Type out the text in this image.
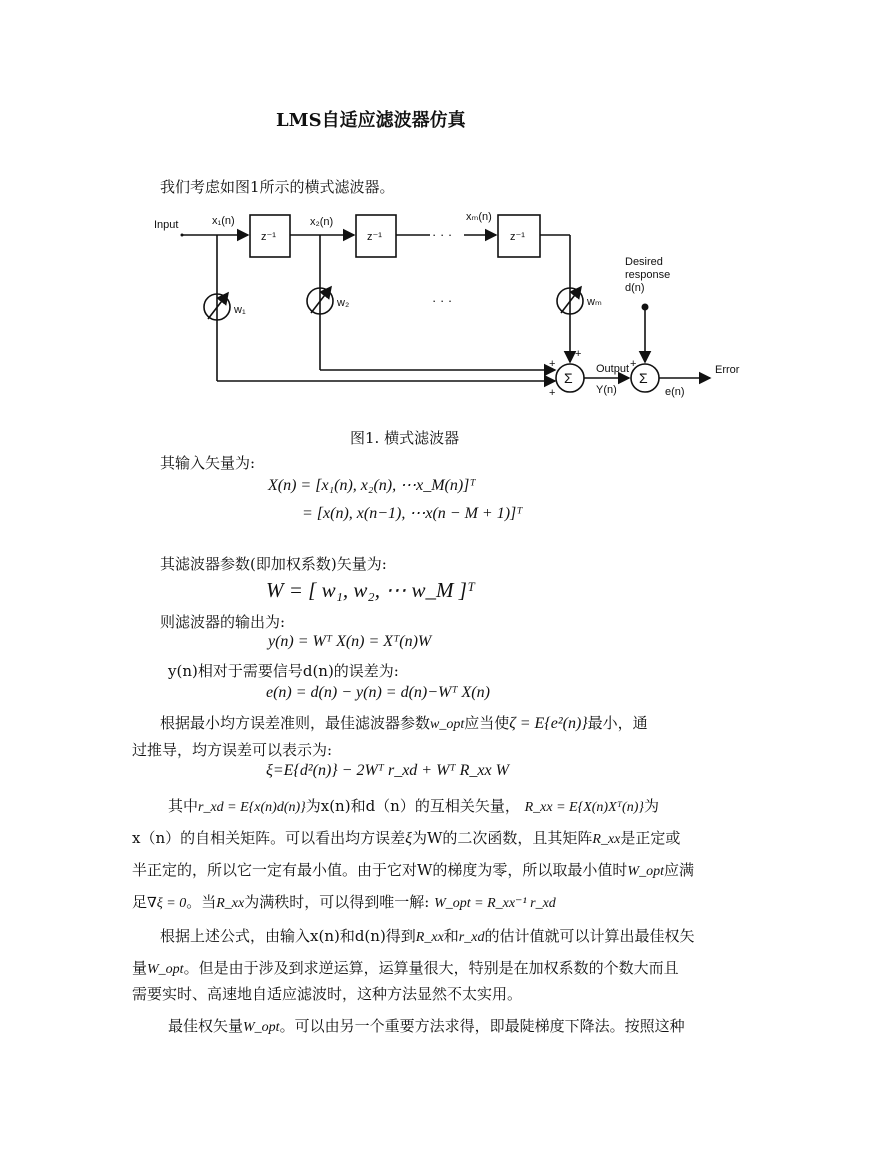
LMS自适应滤波器仿真
我们考虑如图1所示的横式滤波器。
Input	x₁(n)	x₂(n)	xₘ(n)
z⁻¹	z⁻¹	z⁻¹
· · ·
· · ·
w₁
w₂	wₘ
Desired
response
d(n)
Output
Y(n)	e(n)
Error
Σ	Σ
+
+
+
+
图1. 横式滤波器
其输入矢量为:
X(n) = [x₁(n), x₂(n), ⋯x_M(n)]ᵀ
= [x(n), x(n−1), ⋯x(n − M + 1)]ᵀ
其滤波器参数(即加权系数)矢量为:
W = [ w₁, w₂, ⋯ w_M ]ᵀ
则滤波器的输出为:
y(n) = Wᵀ X(n) = Xᵀ(n)W
y(n)相对于需要信号d(n)的误差为:
e(n) = d(n) − y(n) = d(n)−Wᵀ X(n)
根据最小均方误差准则，最佳滤波器参数w_opt应当使ζ = E{e²(n)}最小，通
过推导，均方误差可以表示为:
ξ=E{d²(n)} − 2Wᵀ r_xd + Wᵀ R_xx W
其中r_xd = E{x(n)d(n)}为x(n)和d（n）的互相关矢量， R_xx = E{X(n)Xᵀ(n)}为
x（n）的自相关矩阵。可以看出均方误差ξ为W的二次函数，且其矩阵R_xx是正定或
半正定的，所以它一定有最小值。由于它对W的梯度为零，所以取最小值时W_opt应满
足∇ξ = 0。当R_xx为满秩时，可以得到唯一解: W_opt = R_xx⁻¹ r_xd
根据上述公式，由输入x(n)和d(n)得到R_xx和r_xd的估计值就可以计算出最佳权矢
量W_opt。但是由于涉及到求逆运算，运算量很大，特别是在加权系数的个数大而且
需要实时、高速地自适应滤波时，这种方法显然不太实用。
最佳权矢量W_opt。可以由另一个重要方法求得，即最陡梯度下降法。按照这种
